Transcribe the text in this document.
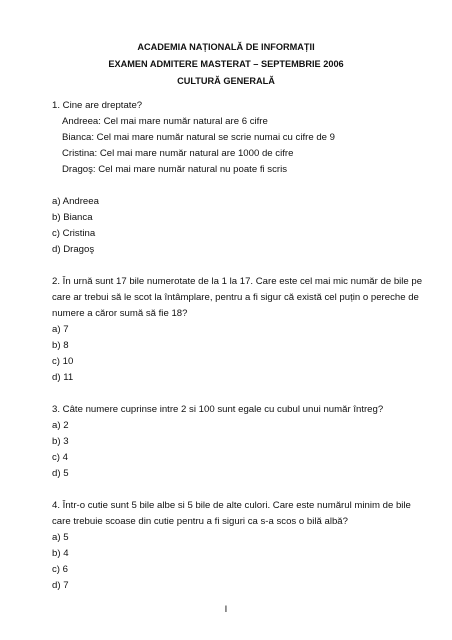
ACADEMIA NAȚIONALĂ DE INFORMAȚII
EXAMEN ADMITERE MASTERAT – SEPTEMBRIE 2006
CULTURĂ GENERALĂ
1. Cine are dreptate?
Andreea: Cel mai mare număr natural are 6 cifre
Bianca: Cel mai mare număr natural se scrie numai cu cifre de 9
Cristina: Cel mai mare număr natural are 1000 de cifre
Dragoş: Cel mai mare număr natural nu poate fi scris
a) Andreea
b) Bianca
c) Cristina
d) Dragoş
2. În urnă sunt 17 bile numerotate de la 1 la 17. Care este cel mai mic număr de bile pe
care ar trebui să le scot la întâmplare, pentru a fi sigur că există cel puțin o pereche de
numere a căror sumă să fie 18?
a) 7
b) 8
c) 10
d) 11
3. Câte numere cuprinse intre 2 si 100 sunt egale cu cubul unui număr întreg?
a) 2
b) 3
c) 4
d) 5
4. Într-o cutie sunt 5 bile albe si 5 bile de alte culori. Care este numărul minim de bile
care trebuie scoase din cutie pentru a fi siguri ca s-a scos o bilă albă?
a) 5
b) 4
c) 6
d) 7
I
